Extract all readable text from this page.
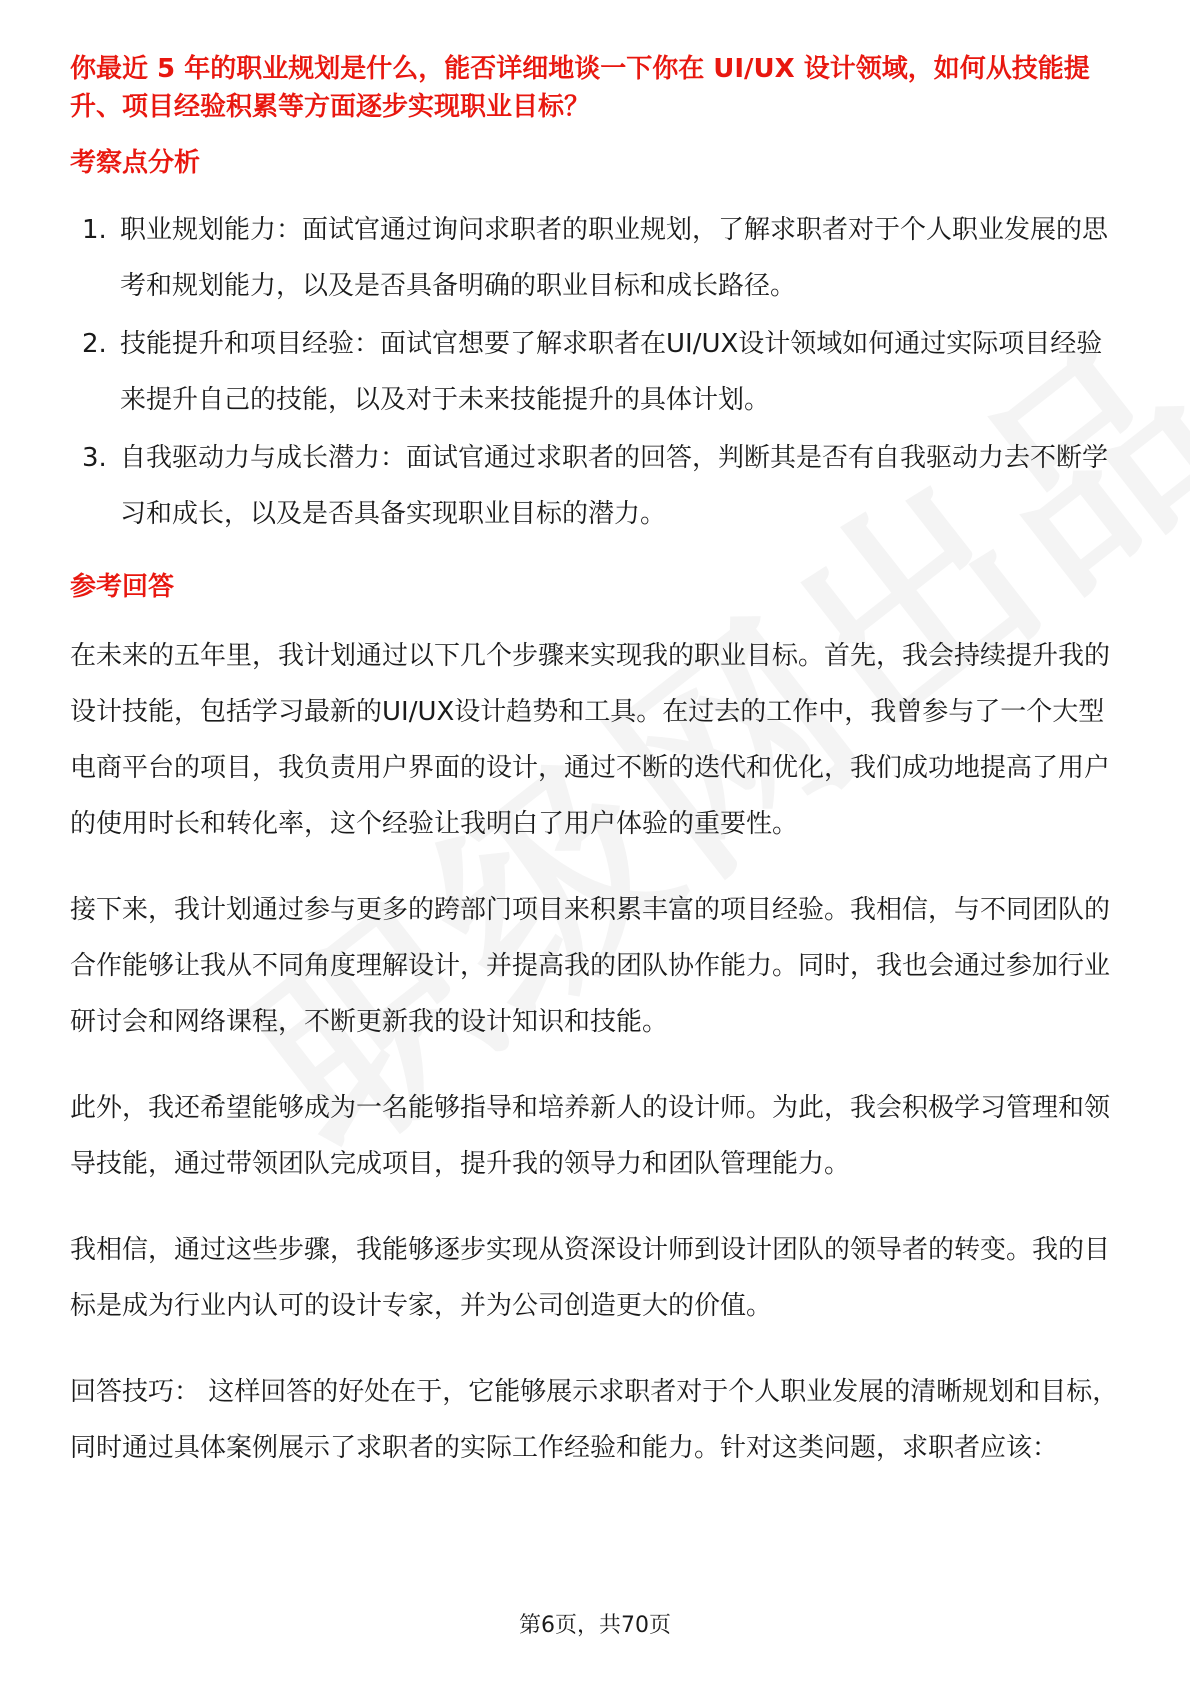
你最近 5 年的职业规划是什么，能否详细地谈一下你在 UI/UX 设计领域，如何从技能提升、项目经验积累等方面逐步实现职业目标？

考察点分析

1. 职业规划能力：面试官通过询问求职者的职业规划，了解求职者对于个人职业发展的思考和规划能力，以及是否具备明确的职业目标和成长路径。
2. 技能提升和项目经验：面试官想要了解求职者在UI/UX设计领域如何通过实际项目经验来提升自己的技能，以及对于未来技能提升的具体计划。
3. 自我驱动力与成长潜力：面试官通过求职者的回答，判断其是否有自我驱动力去不断学习和成长，以及是否具备实现职业目标的潜力。

参考回答

在未来的五年里，我计划通过以下几个步骤来实现我的职业目标。首先，我会持续提升我的设计技能，包括学习最新的UI/UX设计趋势和工具。在过去的工作中，我曾参与了一个大型电商平台的项目，我负责用户界面的设计，通过不断的迭代和优化，我们成功地提高了用户的使用时长和转化率，这个经验让我明白了用户体验的重要性。

接下来，我计划通过参与更多的跨部门项目来积累丰富的项目经验。我相信，与不同团队的合作能够让我从不同角度理解设计，并提高我的团队协作能力。同时，我也会通过参加行业研讨会和网络课程，不断更新我的设计知识和技能。

此外，我还希望能够成为一名能够指导和培养新人的设计师。为此，我会积极学习管理和领导技能，通过带领团队完成项目，提升我的领导力和团队管理能力。

我相信，通过这些步骤，我能够逐步实现从资深设计师到设计团队的领导者的转变。我的目标是成为行业内认可的设计专家，并为公司创造更大的价值。

回答技巧： 这样回答的好处在于，它能够展示求职者对于个人职业发展的清晰规划和目标，同时通过具体案例展示了求职者的实际工作经验和能力。针对这类问题，求职者应该：

第6页，共70页
